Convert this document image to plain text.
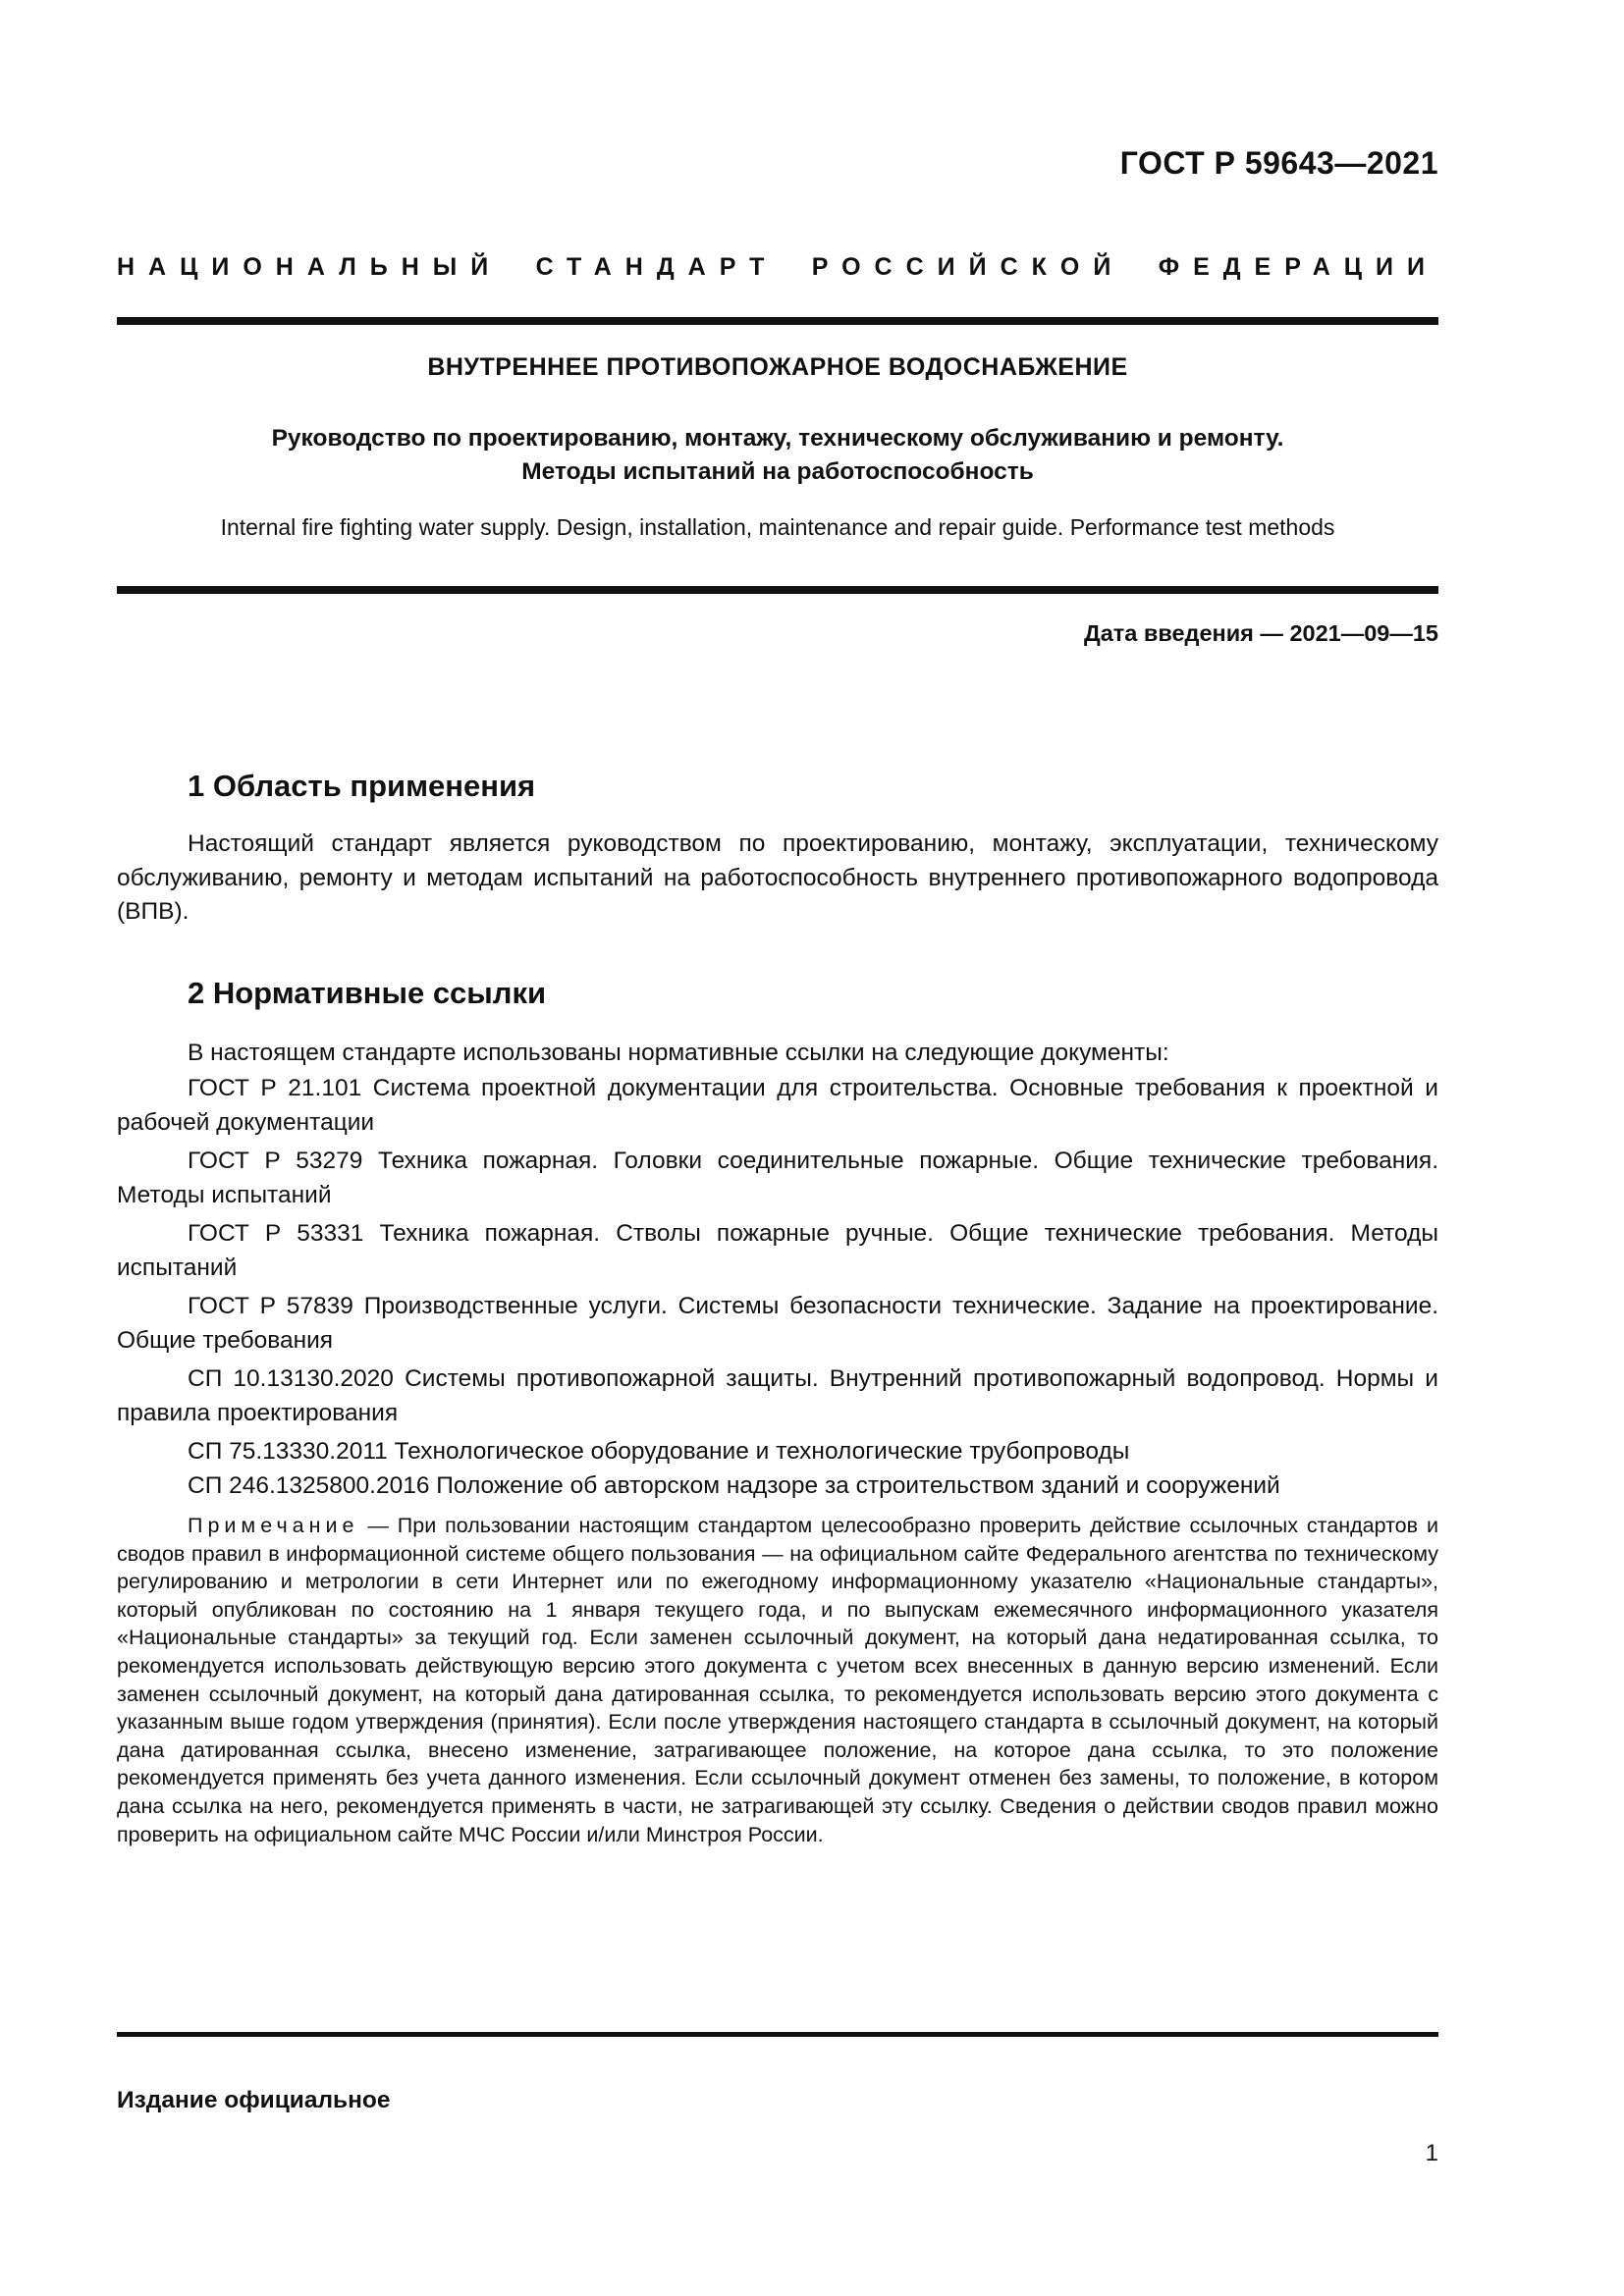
ГОСТ Р 59643—2021
НАЦИОНАЛЬНЫЙ СТАНДАРТ РОССИЙСКОЙ ФЕДЕРАЦИИ
ВНУТРЕННЕЕ ПРОТИВОПОЖАРНОЕ ВОДОСНАБЖЕНИЕ
Руководство по проектированию, монтажу, техническому обслуживанию и ремонту.
Методы испытаний на работоспособность
Internal fire fighting water supply. Design, installation, maintenance and repair guide. Performance test methods
Дата введения — 2021—09—15
1 Область применения
Настоящий стандарт является руководством по проектированию, монтажу, эксплуатации, техническому обслуживанию, ремонту и методам испытаний на работоспособность внутреннего противопожарного водопровода (ВПВ).
2 Нормативные ссылки
В настоящем стандарте использованы нормативные ссылки на следующие документы:
ГОСТ Р 21.101 Система проектной документации для строительства. Основные требования к проектной и рабочей документации
ГОСТ Р 53279 Техника пожарная. Головки соединительные пожарные. Общие технические требования. Методы испытаний
ГОСТ Р 53331 Техника пожарная. Стволы пожарные ручные. Общие технические требования. Методы испытаний
ГОСТ Р 57839 Производственные услуги. Системы безопасности технические. Задание на проектирование. Общие требования
СП 10.13130.2020 Системы противопожарной защиты. Внутренний противопожарный водопровод. Нормы и правила проектирования
СП 75.13330.2011 Технологическое оборудование и технологические трубопроводы
СП 246.1325800.2016 Положение об авторском надзоре за строительством зданий и сооружений
Примечание — При пользовании настоящим стандартом целесообразно проверить действие ссылочных стандартов и сводов правил в информационной системе общего пользования — на официальном сайте Федерального агентства по техническому регулированию и метрологии в сети Интернет или по ежегодному информационному указателю «Национальные стандарты», который опубликован по состоянию на 1 января текущего года, и по выпускам ежемесячного информационного указателя «Национальные стандарты» за текущий год. Если заменен ссылочный документ, на который дана недатированная ссылка, то рекомендуется использовать действующую версию этого документа с учетом всех внесенных в данную версию изменений. Если заменен ссылочный документ, на который дана датированная ссылка, то рекомендуется использовать версию этого документа с указанным выше годом утверждения (принятия). Если после утверждения настоящего стандарта в ссылочный документ, на который дана датированная ссылка, внесено изменение, затрагивающее положение, на которое дана ссылка, то это положение рекомендуется применять без учета данного изменения. Если ссылочный документ отменен без замены, то положение, в котором дана ссылка на него, рекомендуется применять в части, не затрагивающей эту ссылку. Сведения о действии сводов правил можно проверить на официальном сайте МЧС России и/или Минстроя России.
Издание официальное
1
